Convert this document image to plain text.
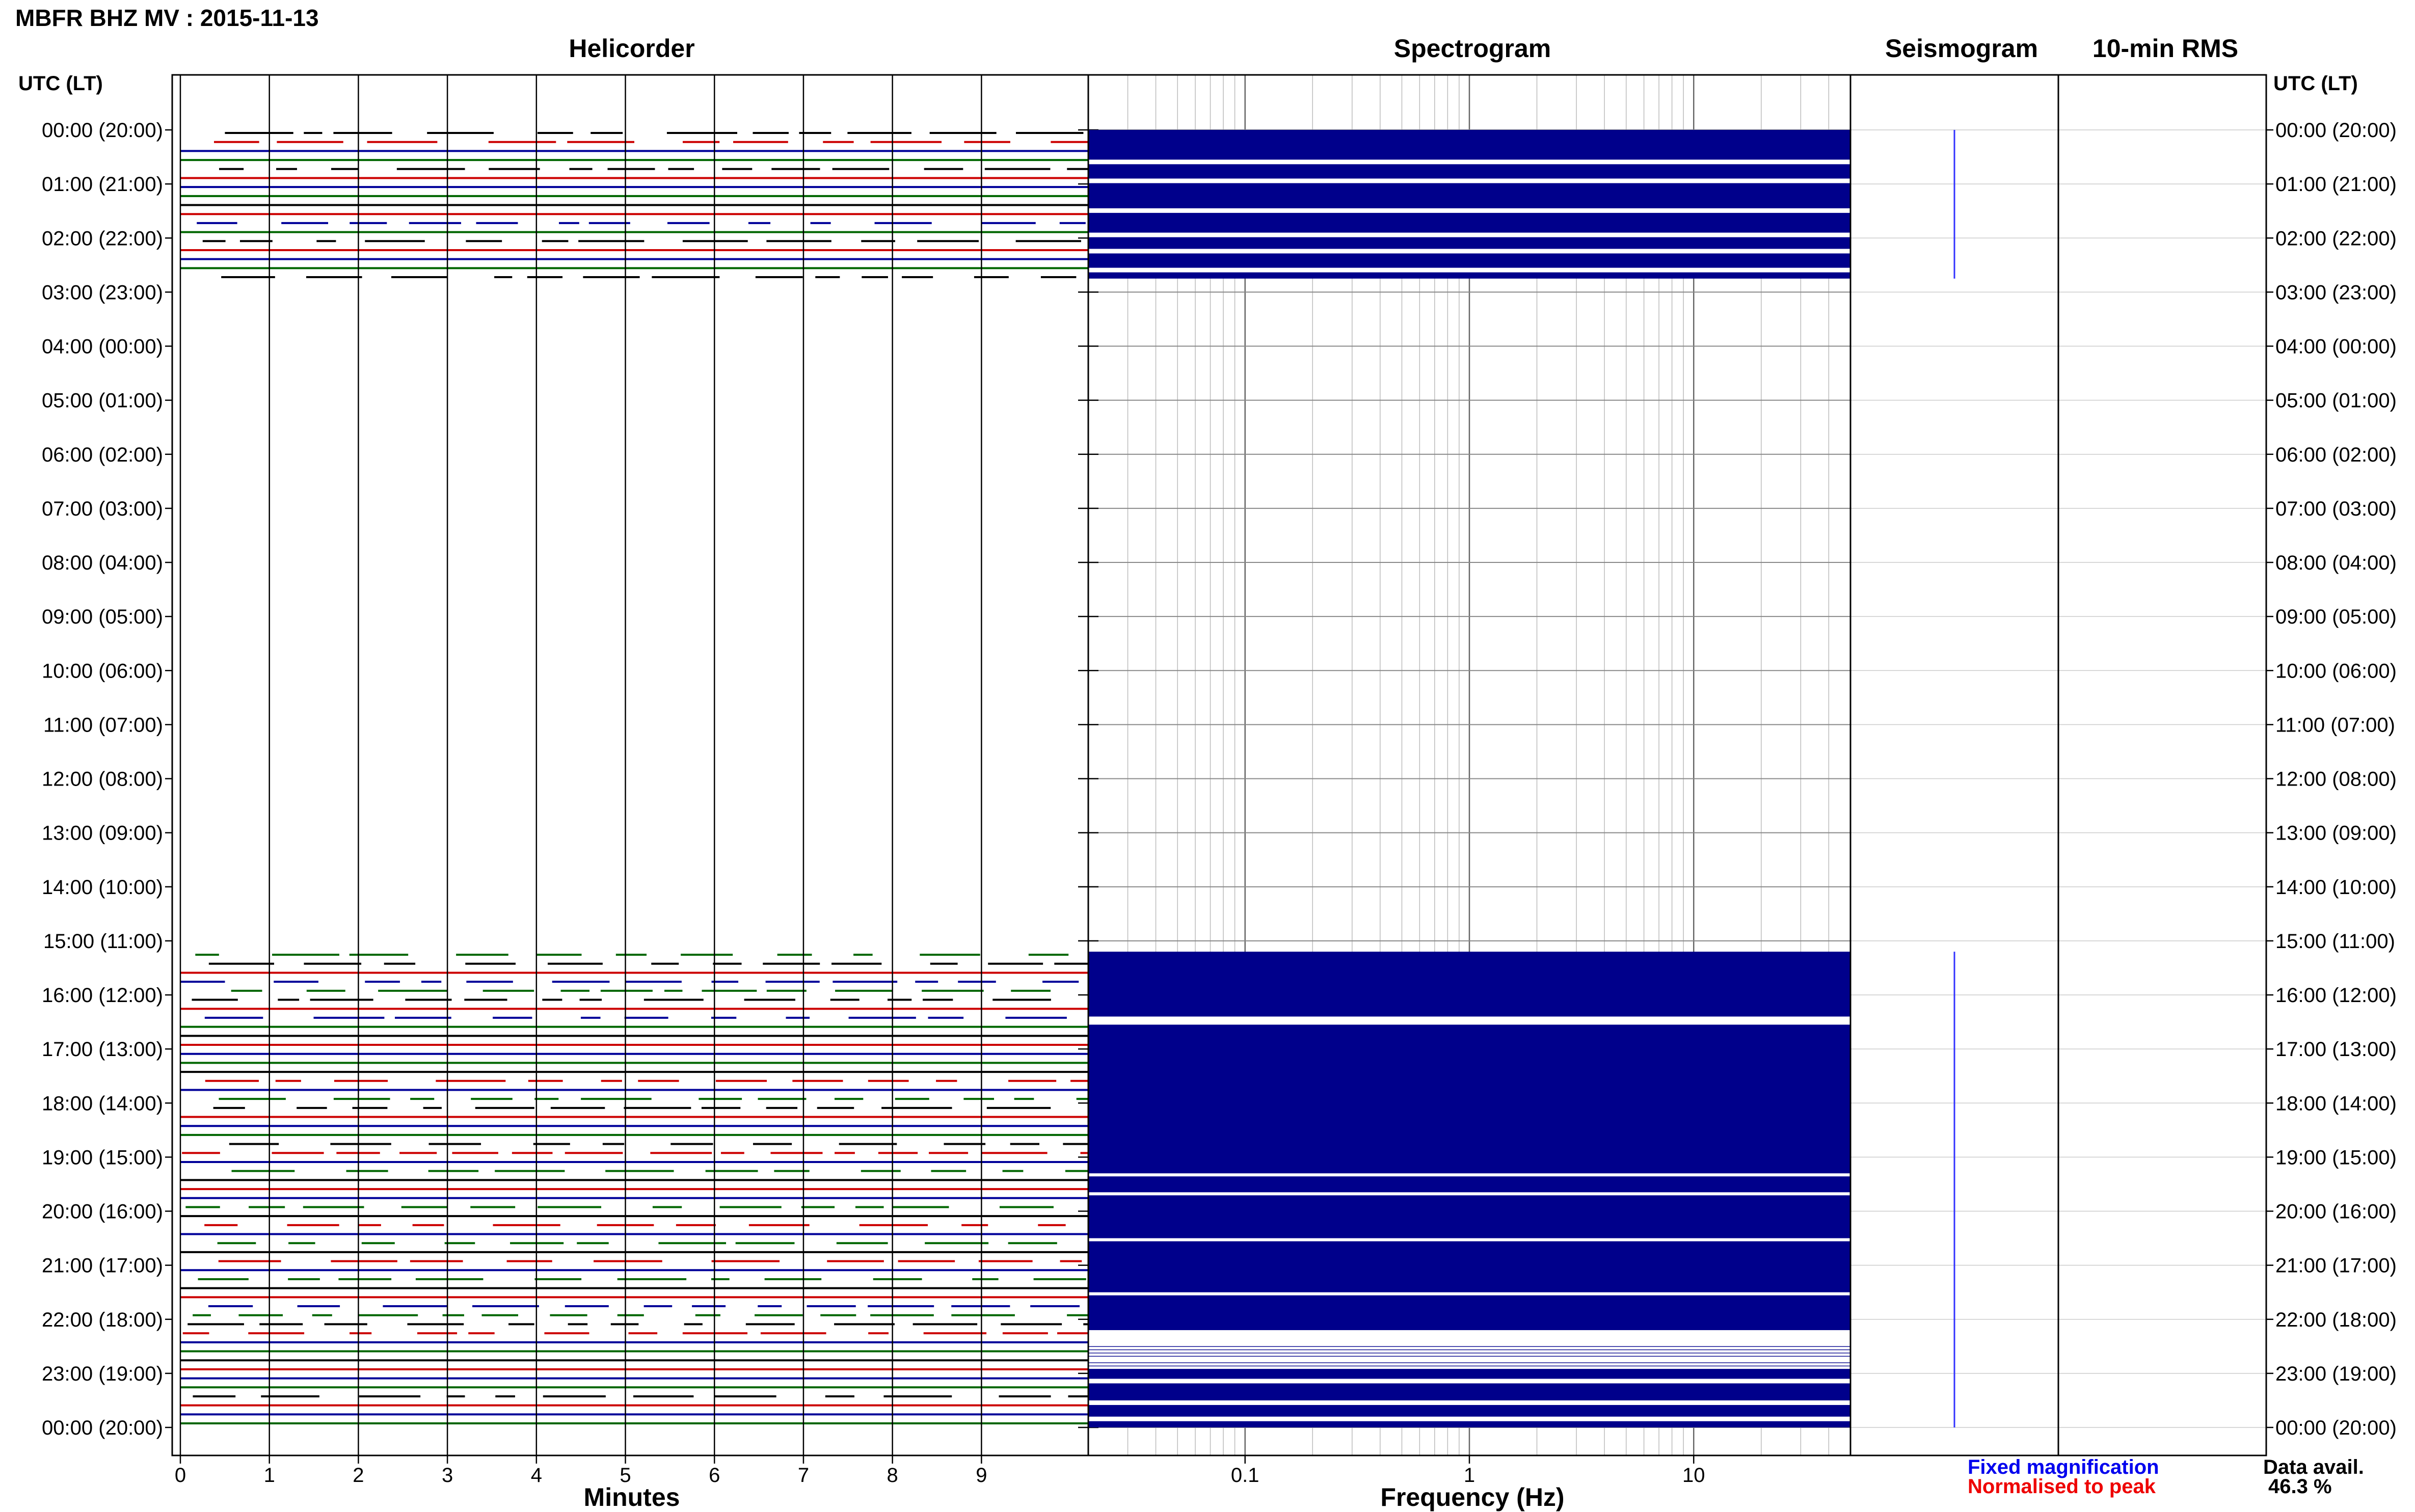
0	1	2	3	4	5	6	7	8	9	0.1	1	10
00:00 (20:00)	00:00 (20:00)
01:00 (21:00)	01:00 (21:00)
02:00 (22:00)	02:00 (22:00)
03:00 (23:00)	03:00 (23:00)
04:00 (00:00)	04:00 (00:00)
05:00 (01:00)	05:00 (01:00)
06:00 (02:00)	06:00 (02:00)
07:00 (03:00)	07:00 (03:00)
08:00 (04:00)	08:00 (04:00)
09:00 (05:00)	09:00 (05:00)
10:00 (06:00)	10:00 (06:00)
11:00 (07:00)	11:00 (07:00)
12:00 (08:00)	12:00 (08:00)
13:00 (09:00)	13:00 (09:00)
14:00 (10:00)	14:00 (10:00)
15:00 (11:00)	15:00 (11:00)
16:00 (12:00)	16:00 (12:00)
17:00 (13:00)	17:00 (13:00)
18:00 (14:00)	18:00 (14:00)
19:00 (15:00)	19:00 (15:00)
20:00 (16:00)	20:00 (16:00)
21:00 (17:00)	21:00 (17:00)
22:00 (18:00)	22:00 (18:00)
23:00 (19:00)	23:00 (19:00)
00:00 (20:00)	00:00 (20:00)
MBFR BHZ MV : 2015-11-13
Helicorder	Spectrogram	Seismogram 10-min RMS
UTC (LT)	UTC (LT)
Minutes	Frequency (Hz)
Fixed magnification
Normalised to peak
Data avail.
46.3 %
